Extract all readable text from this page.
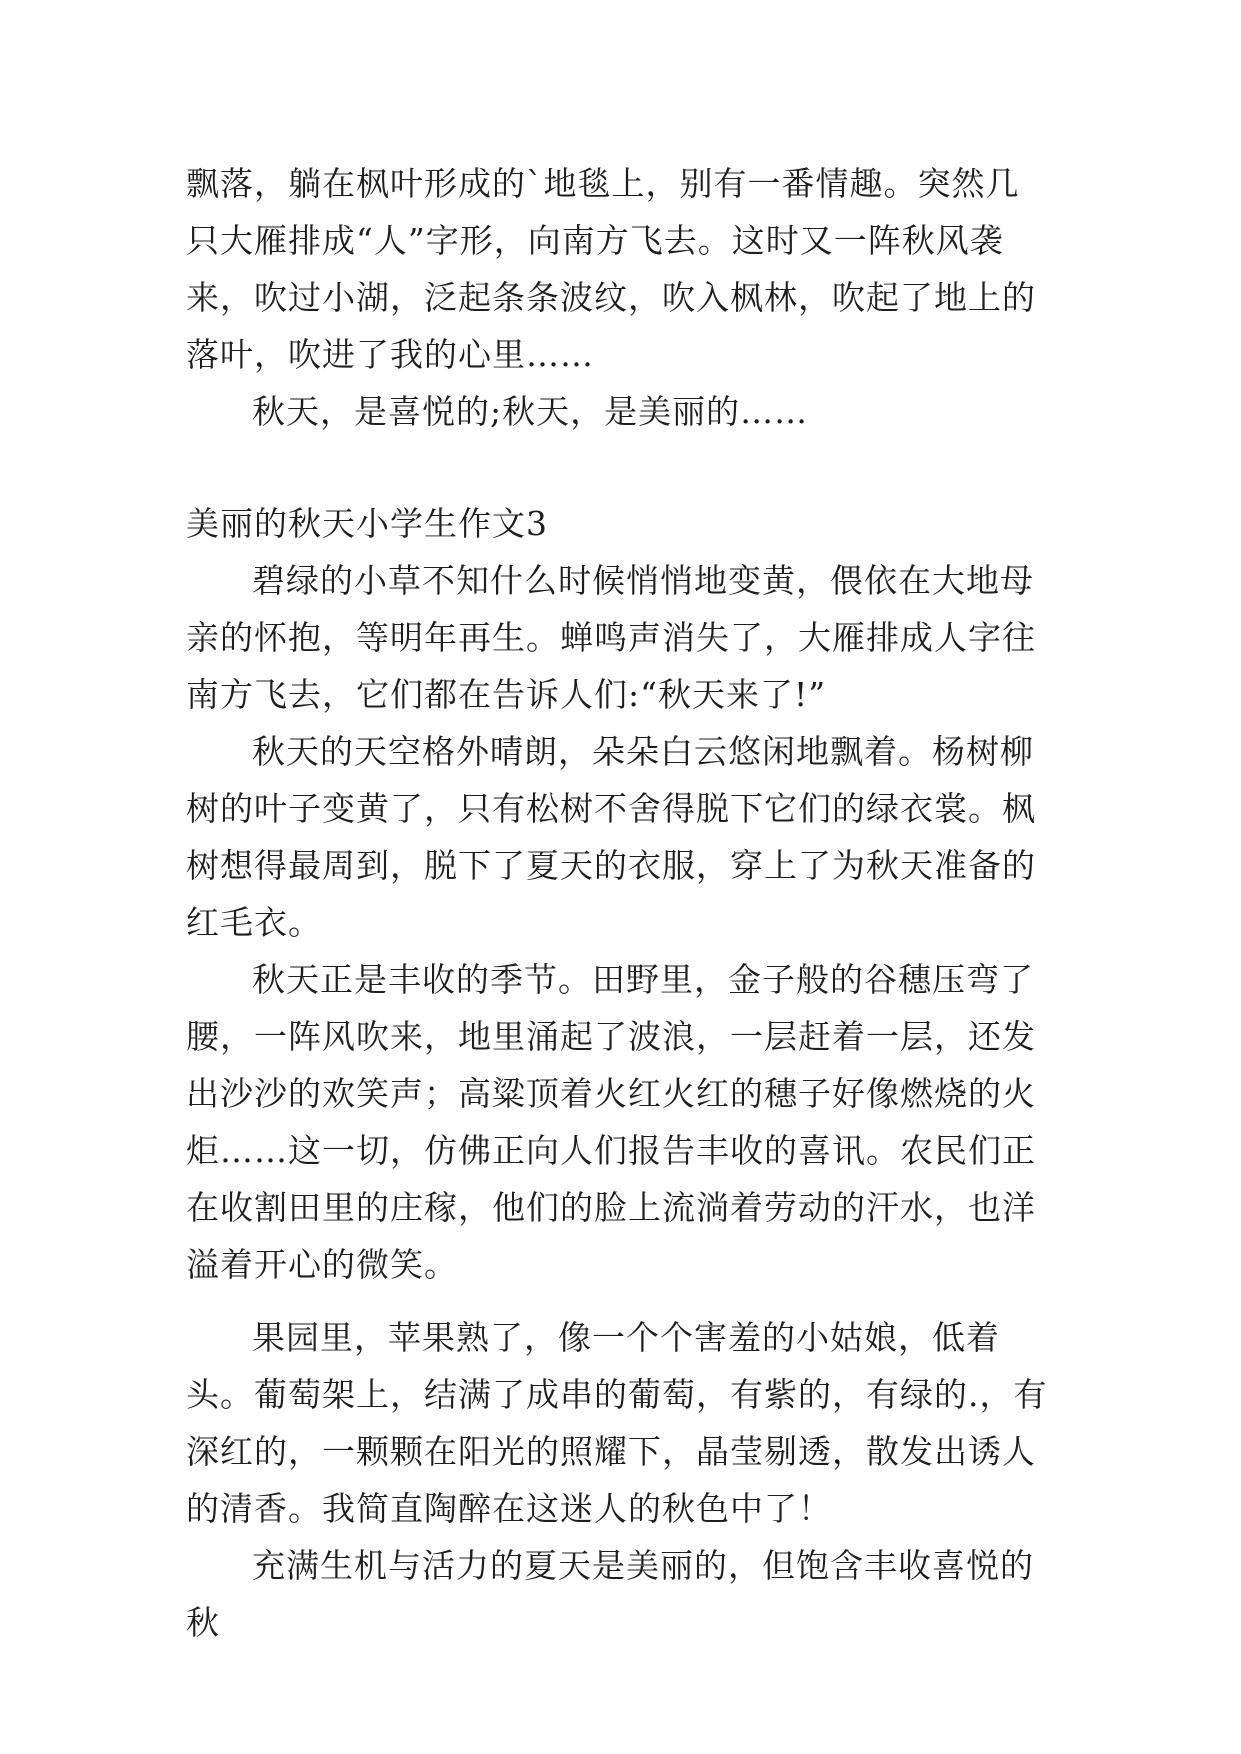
飘落，躺在枫叶形成的`地毯上，别有一番情趣。突然几只大雁排成“人”字形，向南方飞去。这时又一阵秋风袭来，吹过小湖，泛起条条波纹，吹入枫林，吹起了地上的落叶，吹进了我的心里……

秋天，是喜悦的;秋天，是美丽的……

美丽的秋天小学生作文3

碧绿的小草不知什么时候悄悄地变黄，偎依在大地母亲的怀抱，等明年再生。蝉鸣声消失了，大雁排成人字往南方飞去，它们都在告诉人们:“秋天来了!”

秋天的天空格外晴朗，朵朵白云悠闲地飘着。杨树柳树的叶子变黄了，只有松树不舍得脱下它们的绿衣裳。枫树想得最周到，脱下了夏天的衣服，穿上了为秋天准备的红毛衣。

秋天正是丰收的季节。田野里，金子般的谷穗压弯了腰，一阵风吹来，地里涌起了波浪，一层赶着一层，还发出沙沙的欢笑声；高粱顶着火红火红的穗子好像燃烧的火炬……这一切，仿佛正向人们报告丰收的喜讯。农民们正在收割田里的庄稼，他们的脸上流淌着劳动的汗水，也洋溢着开心的微笑。

果园里，苹果熟了，像一个个害羞的小姑娘，低着头。葡萄架上，结满了成串的葡萄，有紫的，有绿的.，有深红的，一颗颗在阳光的照耀下，晶莹剔透，散发出诱人的清香。我简直陶醉在这迷人的秋色中了！

充满生机与活力的夏天是美丽的，但饱含丰收喜悦的秋
